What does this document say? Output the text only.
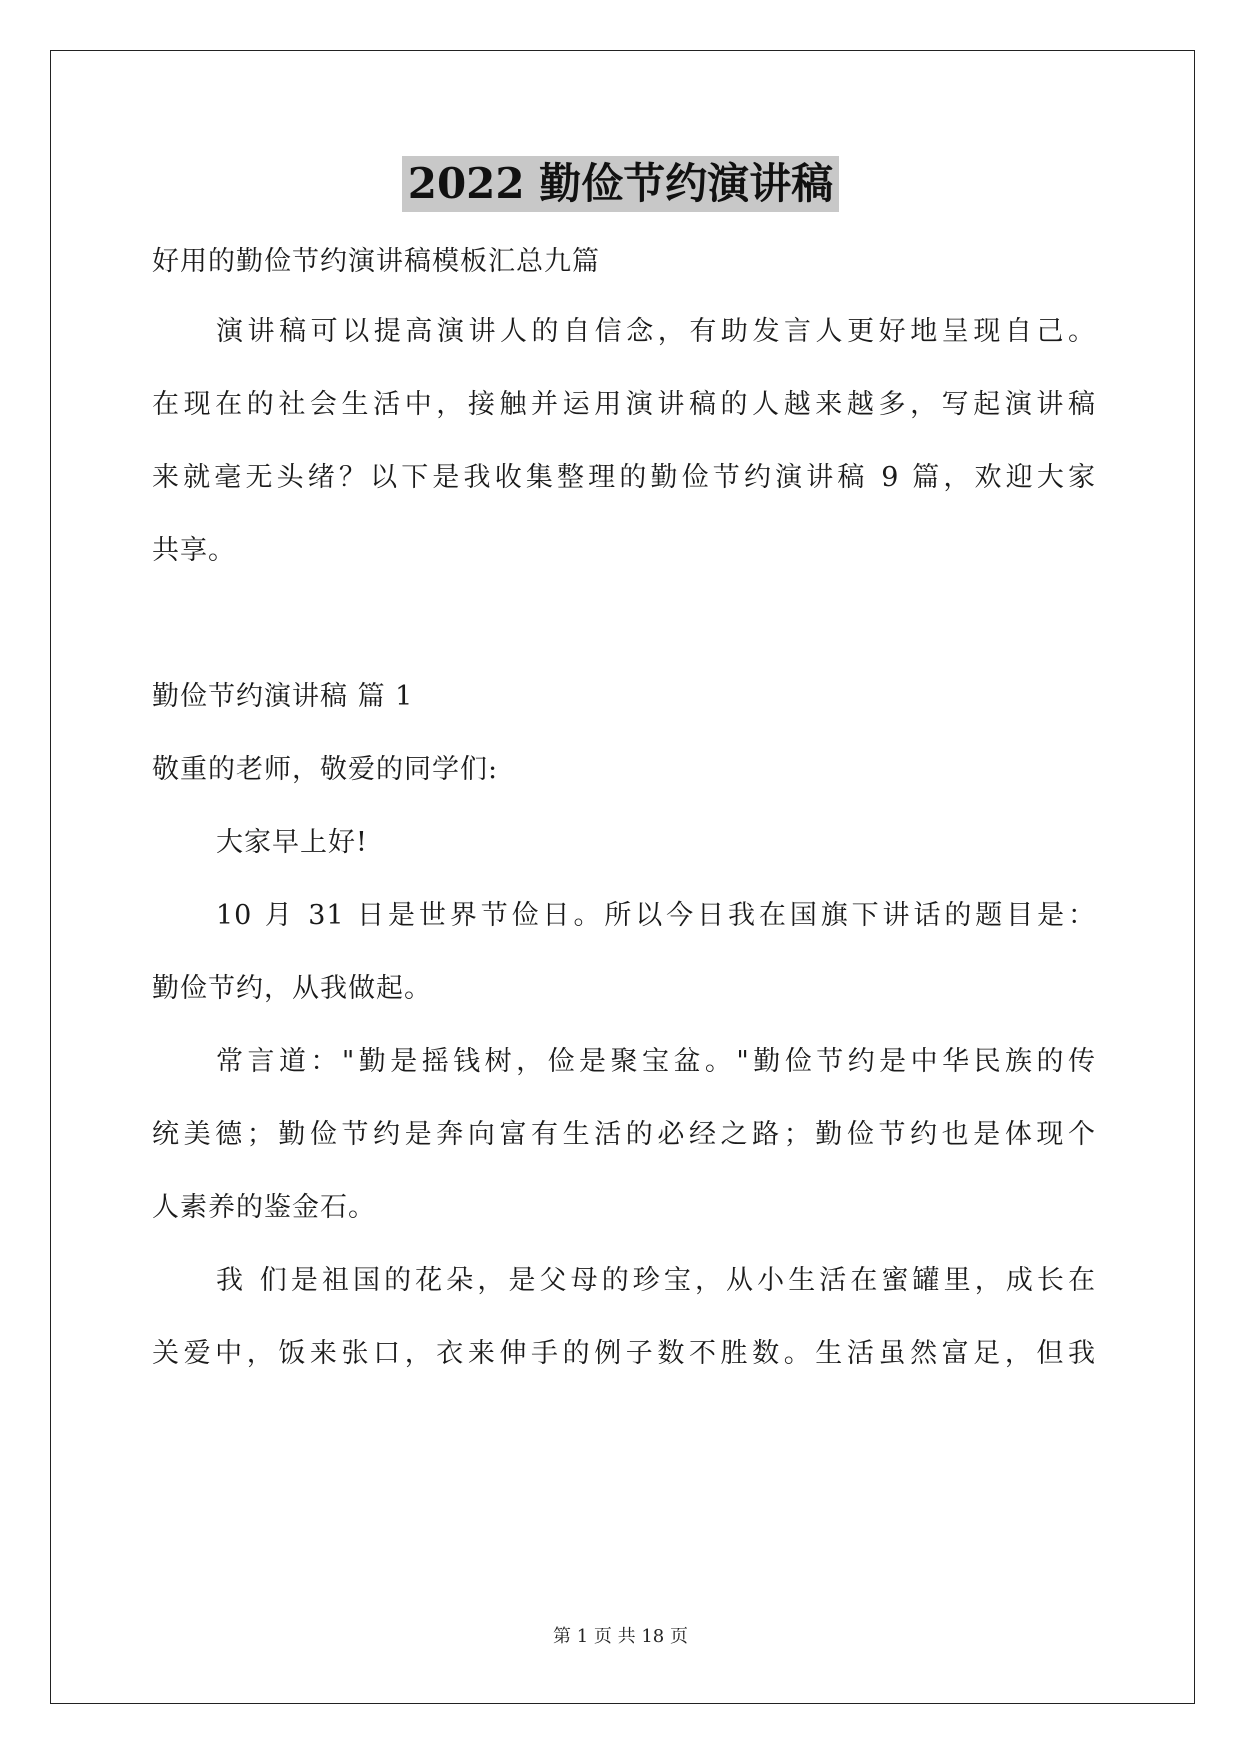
2022 勤俭节约演讲稿
好用的勤俭节约演讲稿模板汇总九篇
演讲稿可以提高演讲人的自信念，有助发言人更好地呈现自己。
在现在的社会生活中，接触并运用演讲稿的人越来越多，写起演讲稿
来就毫无头绪？以下是我收集整理的勤俭节约演讲稿 9 篇，欢迎大家
共享。
勤俭节约演讲稿 篇 1
敬重的老师，敬爱的同学们:
大家早上好!
10 月 31 日是世界节俭日。所以今日我在国旗下讲话的题目是：
勤俭节约，从我做起。
常言道："勤是摇钱树，俭是聚宝盆。"勤俭节约是中华民族的传
统美德；勤俭节约是奔向富有生活的必经之路；勤俭节约也是体现个
人素养的鉴金石。
我 们是祖国的花朵，是父母的珍宝，从小生活在蜜罐里，成长在
关爱中，饭来张口，衣来伸手的例子数不胜数。生活虽然富足，但我
第 1 页 共 18 页
